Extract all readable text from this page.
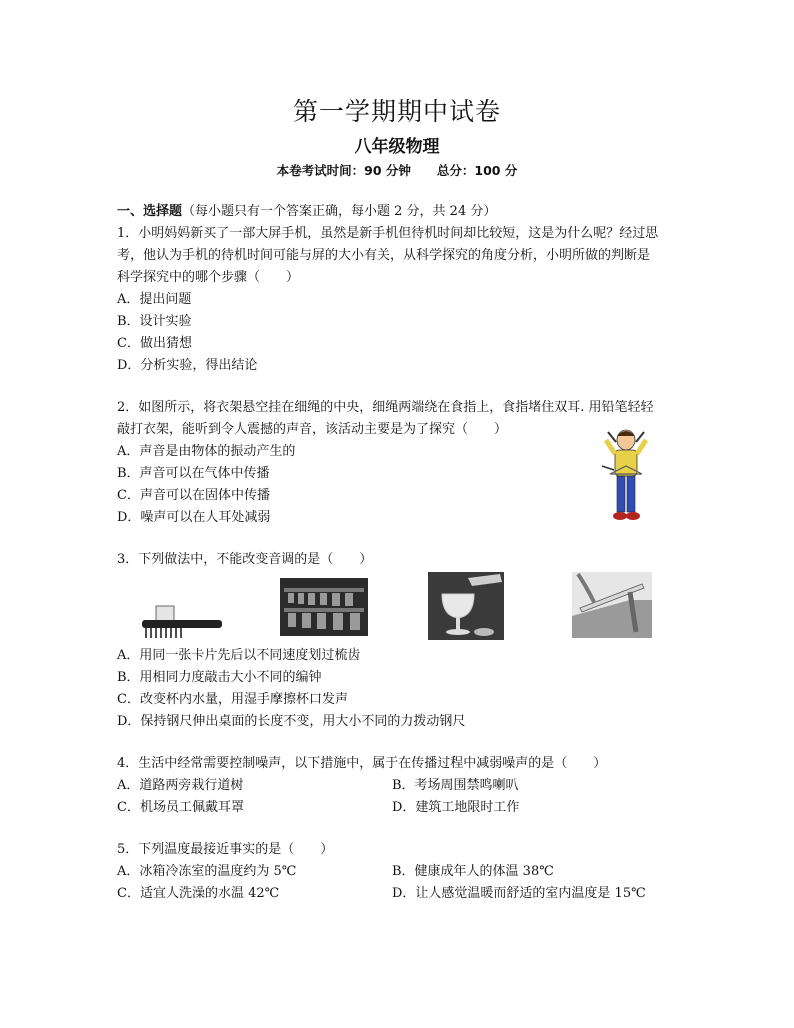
第一学期期中试卷
八年级物理
本卷考试时间：90 分钟 总分：100 分
一、选择题（每小题只有一个答案正确，每小题 2 分，共 24 分）
1．小明妈妈新买了一部大屏手机，虽然是新手机但待机时间却比较短，这是为什么呢？经过思
考，他认为手机的待机时间可能与屏的大小有关，从科学探究的角度分析，小明所做的判断是
科学探究中的哪个步骤（　　）
A．提出问题
B．设计实验
C．做出猜想
D．分析实验，得出结论
2．如图所示，将衣架悬空挂在细绳的中央，细绳两端绕在食指上，食指堵住双耳. 用铅笔轻轻
敲打衣架，能听到令人震撼的声音，该活动主要是为了探究（　　）
A．声音是由物体的振动产生的
B．声音可以在气体中传播
C．声音可以在固体中传播
D．噪声可以在人耳处减弱
3．下列做法中，不能改变音调的是（　　）
A．用同一张卡片先后以不同速度划过梳齿
B．用相同力度敲击大小不同的编钟
C．改变杯内水量，用湿手摩擦杯口发声
D．保持钢尺伸出桌面的长度不变，用大小不同的力拨动钢尺
4．生活中经常需要控制噪声，以下措施中，属于在传播过程中减弱噪声的是（　　）
A．道路两旁栽行道树	B．考场周围禁鸣喇叭
C．机场员工佩戴耳罩	D．建筑工地限时工作
5．下列温度最接近事实的是（　　）
A．冰箱冷冻室的温度约为 5℃	B．健康成年人的体温 38℃
C．适宜人洗澡的水温 42℃	D．让人感觉温暖而舒适的室内温度是 15℃
